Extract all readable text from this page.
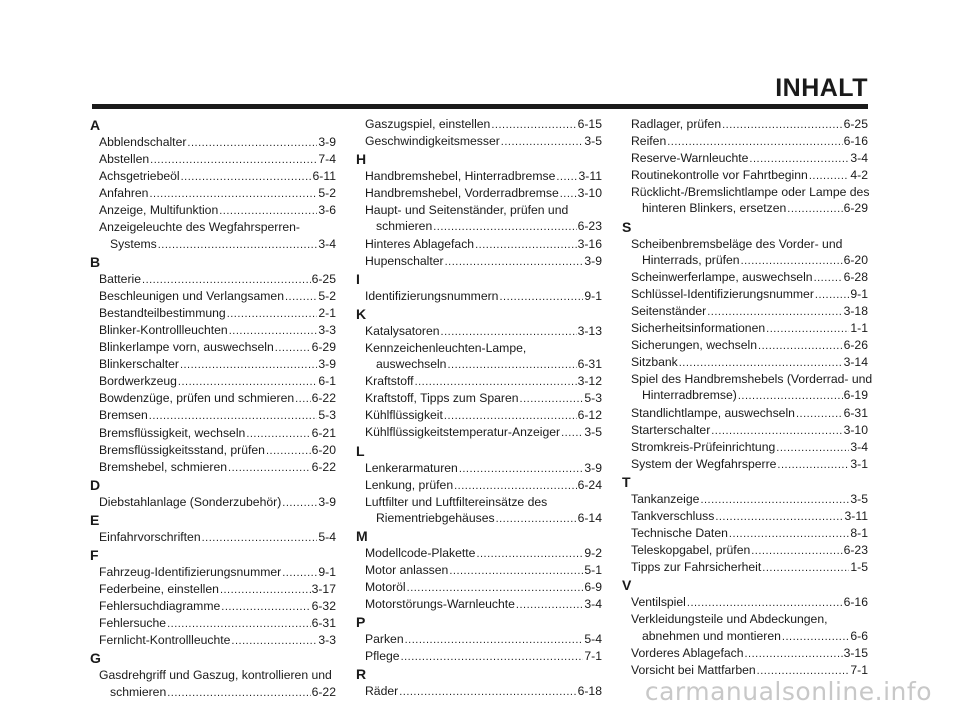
INHALT
A
Abblendschalter .....	3-9
Abstellen .....	7-4
Achsgetriebeöl .....	6-11
Anfahren .....	5-2
Anzeige, Multifunktion .....	3-6
Anzeigeleuchte des Wegfahrsperren-
Systems .....	3-4
B
Batterie .....	6-25
Beschleunigen und Verlangsamen .....	5-2
Bestandteilbestimmung .....	2-1
Blinker-Kontrollleuchten .....	3-3
Blinkerlampe vorn, auswechseln .....	6-29
Blinkerschalter .....	3-9
Bordwerkzeug .....	6-1
Bowdenzüge, prüfen und schmieren ..... 6-22
Bremsen .....	5-3
Bremsflüssigkeit, wechseln .....	6-21
Bremsflüssigkeitsstand, prüfen .....	6-20
Bremshebel, schmieren .....	6-22
D
Diebstahlanlage (Sonderzubehör) .....	3-9
E
Einfahrvorschriften .....	5-4
F
Fahrzeug-Identifizierungsnummer .....	9-1
Federbeine, einstellen .....	3-17
Fehlersuchdiagramme .....	6-32
Fehlersuche .....	6-31
Fernlicht-Kontrollleuchte .....	3-3
G
Gasdrehgriff und Gaszug, kontrollieren und
schmieren .....	6-22
Gaszugspiel, einstellen .....	6-15
Geschwindigkeitsmesser .....	3-5
H
Handbremshebel, Hinterradbremse ..... 3-11
Handbremshebel, Vorderradbremse ..... 3-10
Haupt- und Seitenständer, prüfen und
schmieren .....	6-23
Hinteres Ablagefach .....	3-16
Hupenschalter .....	3-9
I
Identifizierungsnummern .....	9-1
K
Katalysatoren .....	3-13
Kennzeichenleuchten-Lampe,
auswechseln .....	6-31
Kraftstoff .....	3-12
Kraftstoff, Tipps zum Sparen .....	5-3
Kühlflüssigkeit .....	6-12
Kühlflüssigkeitstemperatur-Anzeiger ..... 3-5
L
Lenkerarmaturen .....	3-9
Lenkung, prüfen .....	6-24
Luftfilter und Luftfiltereinsätze des
Riementriebgehäuses .....	6-14
M
Modellcode-Plakette .....	9-2
Motor anlassen .....	5-1
Motoröl .....	6-9
Motorstörungs-Warnleuchte .....	3-4
P
Parken .....	5-4
Pflege .....	7-1
R
Räder .....	6-18
Radlager, prüfen .....	6-25
Reifen .....	6-16
Reserve-Warnleuchte .....	3-4
Routinekontrolle vor Fahrtbeginn .....	4-2
Rücklicht-/Bremslichtlampe oder Lampe des
hinteren Blinkers, ersetzen .....	6-29
S
Scheibenbremsbeläge des Vorder- und
Hinterrads, prüfen .....	6-20
Scheinwerferlampe, auswechseln .....	6-28
Schlüssel-Identifizierungsnummer .....	9-1
Seitenständer .....	3-18
Sicherheitsinformationen .....	1-1
Sicherungen, wechseln .....	6-26
Sitzbank .....	3-14
Spiel des Handbremshebels (Vorderrad- und
Hinterradbremse) .....	6-19
Standlichtlampe, auswechseln .....	6-31
Starterschalter .....	3-10
Stromkreis-Prüfeinrichtung .....	3-4
System der Wegfahrsperre .....	3-1
T
Tankanzeige .....	3-5
Tankverschluss .....	3-11
Technische Daten .....	8-1
Teleskopgabel, prüfen .....	6-23
Tipps zur Fahrsicherheit .....	1-5
V
Ventilspiel .....	6-16
Verkleidungsteile und Abdeckungen,
abnehmen und montieren .....	6-6
Vorderes Ablagefach .....	3-15
Vorsicht bei Mattfarben .....	7-1
carmanualsonline.info
